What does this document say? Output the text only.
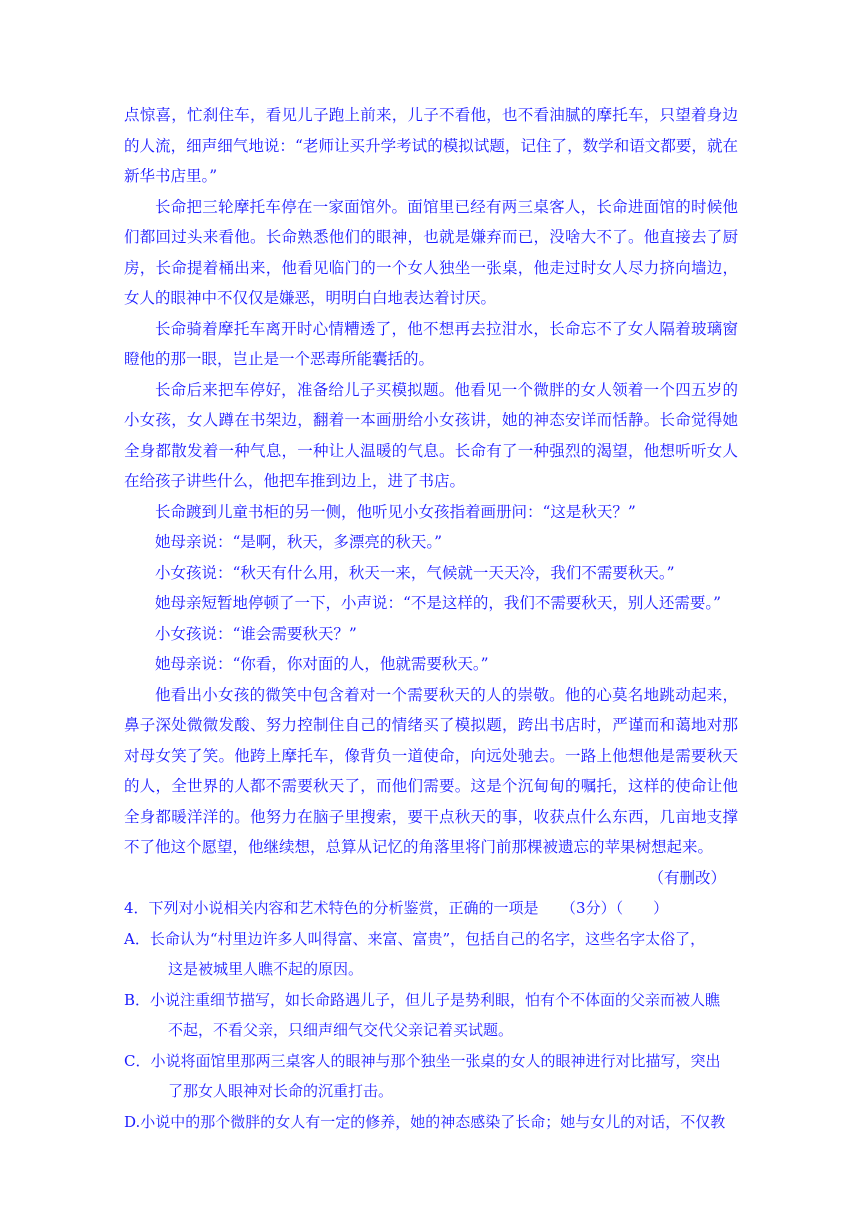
点惊喜，忙刹住车，看见儿子跑上前来，儿子不看他，也不看油腻的摩托车，只望着身边的人流，细声细气地说：“老师让买升学考试的模拟试题，记住了，数学和语文都要，就在新华书店里。”

长命把三轮摩托车停在一家面馆外。面馆里已经有两三桌客人，长命进面馆的时候他们都回过头来看他。长命熟悉他们的眼神，也就是嫌弃而已，没啥大不了。他直接去了厨房，长命提着桶出来，他看见临门的一个女人独坐一张桌，他走过时女人尽力挤向墙边，女人的眼神中不仅仅是嫌恶，明明白白地表达着讨厌。

长命骑着摩托车离开时心情糟透了，他不想再去拉泔水，长命忘不了女人隔着玻璃窗瞪他的那一眼，岂止是一个恶毒所能囊括的。

长命后来把车停好，准备给儿子买模拟题。他看见一个微胖的女人领着一个四五岁的小女孩，女人蹲在书架边，翻着一本画册给小女孩讲，她的神态安详而恬静。长命觉得她全身都散发着一种气息，一种让人温暖的气息。长命有了一种强烈的渴望，他想听听女人在给孩子讲些什么，他把车推到边上，进了书店。

长命踱到儿童书柜的另一侧，他听见小女孩指着画册问：“这是秋天？”

她母亲说：“是啊，秋天，多漂亮的秋天。”

小女孩说：“秋天有什么用，秋天一来，气候就一天天冷，我们不需要秋天。”

她母亲短暂地停顿了一下，小声说：“不是这样的，我们不需要秋天，别人还需要。”

小女孩说：“谁会需要秋天？”

她母亲说：“你看，你对面的人，他就需要秋天。”

他看出小女孩的微笑中包含着对一个需要秋天的人的崇敬。他的心莫名地跳动起来，鼻子深处微微发酸、努力控制住自己的情绪买了模拟题，跨出书店时，严谨而和蔼地对那对母女笑了笑。他跨上摩托车，像背负一道使命，向远处驰去。一路上他想他是需要秋天的人，全世界的人都不需要秋天了，而他们需要。这是个沉甸甸的嘱托，这样的使命让他全身都暖洋洋的。他努力在脑子里搜索，要干点秋天的事，收获点什么东西，几亩地支撑不了他这个愿望，他继续想，总算从记忆的角落里将门前那棵被遗忘的苹果树想起来。

（有删改）

4．下列对小说相关内容和艺术特色的分析鉴赏，正确的一项是　　（3分）（　　）

A．长命认为“村里边许多人叫得富、来富、富贵”，包括自己的名字，这些名字太俗了，
这是被城里人瞧不起的原因。

B．小说注重细节描写，如长命路遇儿子，但儿子是势利眼，怕有个不体面的父亲而被人瞧
不起，不看父亲，只细声细气交代父亲记着买试题。

C．小说将面馆里那两三桌客人的眼神与那个独坐一张桌的女人的眼神进行对比描写，突出
了那女人眼神对长命的沉重打击。

D.小说中的那个微胖的女人有一定的修养，她的神态感染了长命；她与女儿的对话，不仅教
